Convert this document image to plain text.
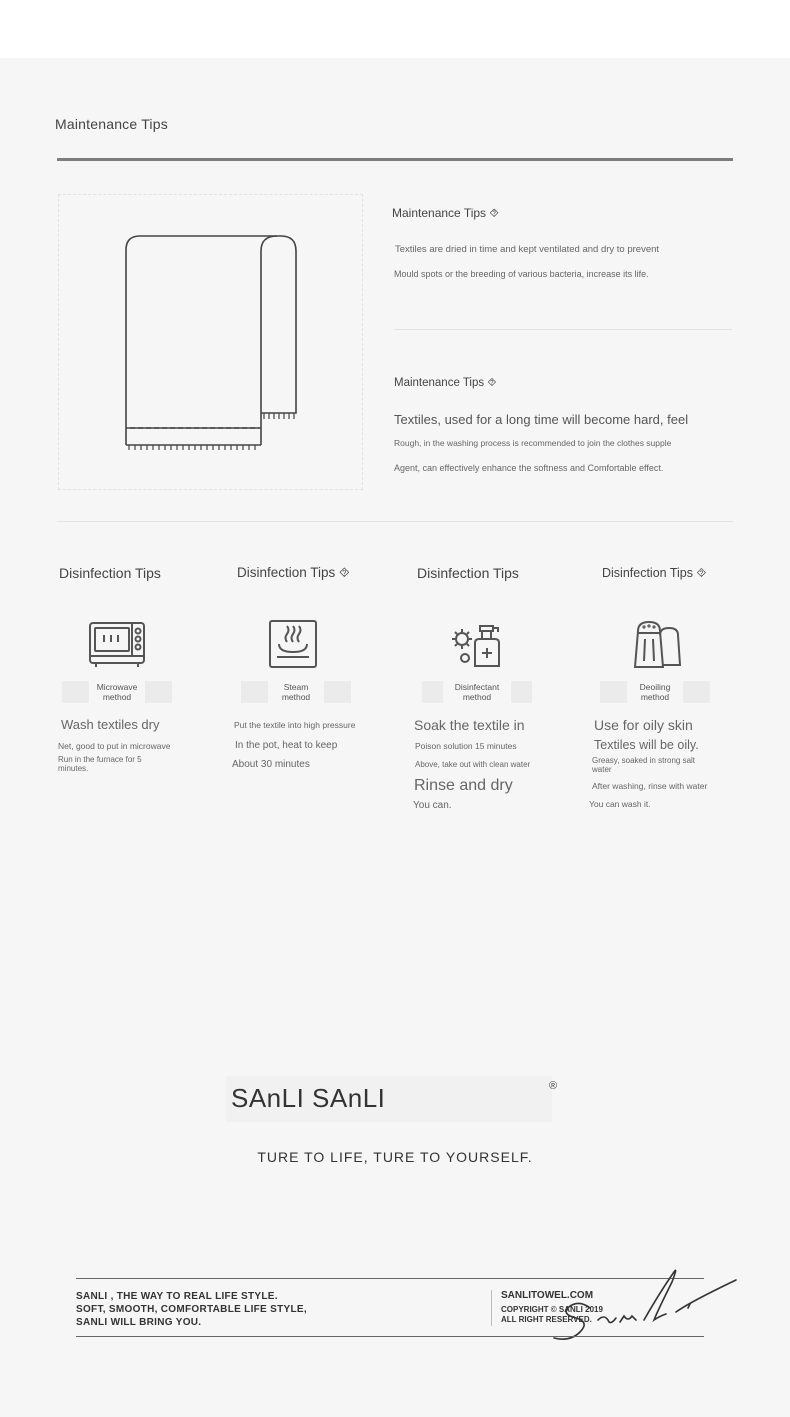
Maintenance Tips
Maintenance Tips ⯑
Textiles are dried in time and kept ventilated and dry to prevent
Mould spots or the breeding of various bacteria, increase its life.
Maintenance Tips ⯑
Textiles, used for a long time will become hard, feel
Rough, in the washing process is recommended to join the clothes supple
Agent, can effectively enhance the softness and Comfortable effect.
Disinfection Tips
Microwave
method
Wash textiles dry
Net, good to put in microwave
Run in the furnace for 5 minutes.
Disinfection Tips ⯑
Steam
method
Put the textile into high pressure
In the pot, heat to keep
About 30 minutes
Disinfection Tips
Disinfectant
method
Soak the textile in
Poison solution 15 minutes
Above, take out with clean water
Rinse and dry
You can.
Disinfection Tips ⯑
Deoiling
method
Use for oily skin
Textiles will be oily.
Greasy, soaked in strong salt water
After washing, rinse with water
You can wash it.
SAnLI SAnLI	®
TURE TO LIFE, TURE TO YOURSELF.
SANLI , THE WAY TO REAL LIFE STYLE.
SOFT, SMOOTH, COMFORTABLE LIFE STYLE,
SANLI WILL BRING YOU.
SANLITOWEL.COM
COPYRIGHT © SANLI 2019
ALL RIGHT RESERVED.
